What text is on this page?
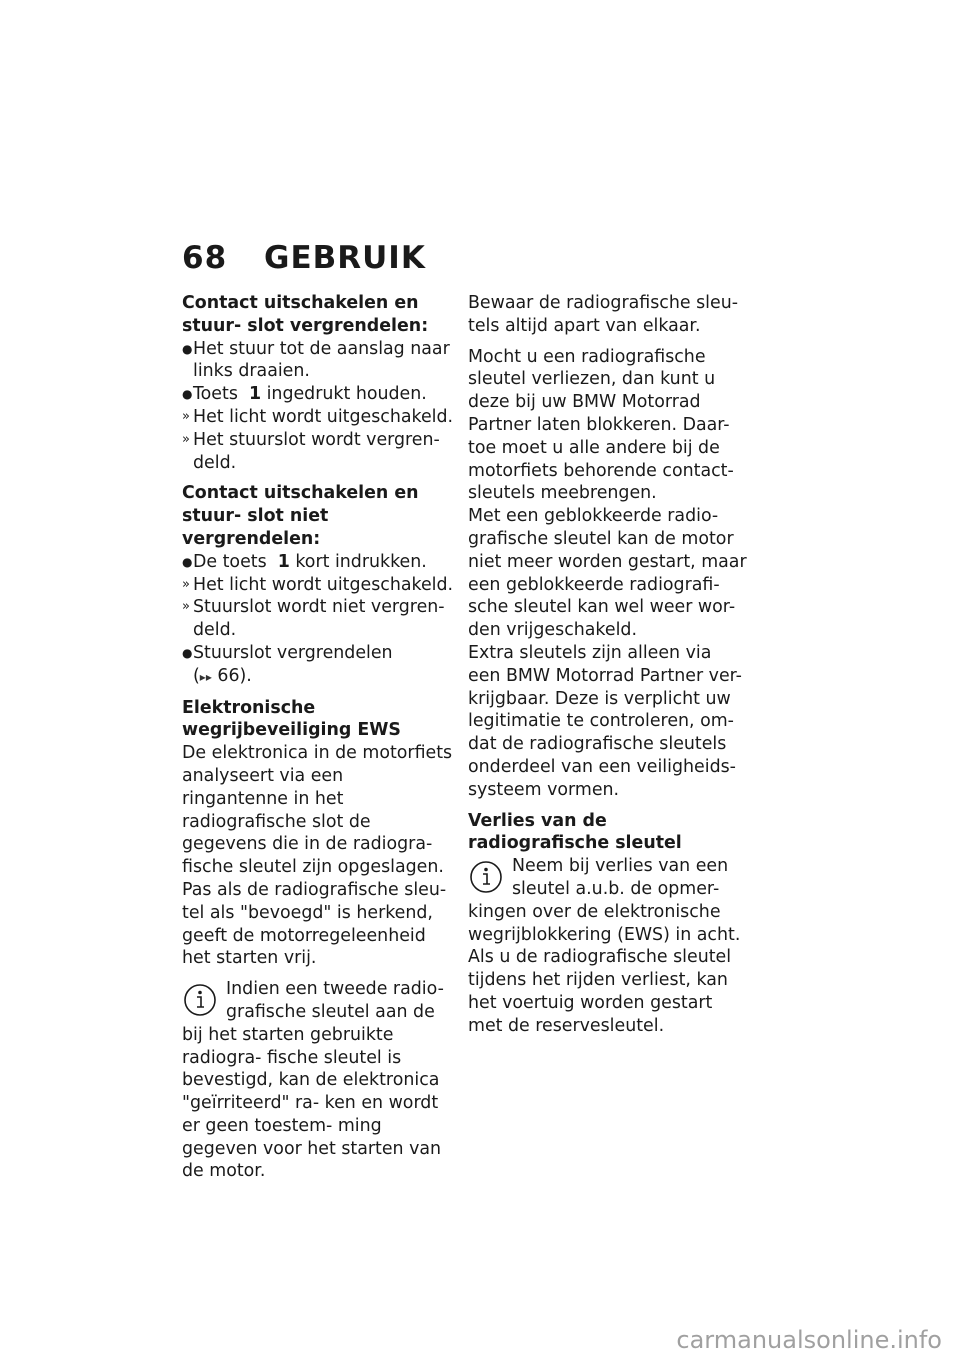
68 GEBRUIK

Contact uitschakelen en stuur- slot vergrendelen:

● Het stuur tot de aanslag naar links draaien.
● Toets 1 ingedrukt houden.
» Het licht wordt uitgeschakeld.
» Het stuurslot wordt vergren- deld.

Contact uitschakelen en stuur- slot niet vergrendelen:

● De toets 1 kort indrukken.
» Het licht wordt uitgeschakeld.
» Stuurslot wordt niet vergren- deld.
● Stuurslot vergrendelen
(▸▸ 66).

Elektronische wegrijbeveiliging EWS

De elektronica in de motorfiets analyseert via een ringantenne in het radiografische slot de gegevens die in de radiogra- fische sleutel zijn opgeslagen. Pas als de radiografische sleu- tel als "bevoegd" is herkend, geeft de motorregeleenheid het starten vrij.

Indien een tweede radio- grafische sleutel aan de bij het starten gebruikte radiogra- fische sleutel is bevestigd, kan de elektronica "geïrriteerd" ra- ken en wordt er geen toestem- ming gegeven voor het starten van de motor.

Bewaar de radiografische sleu- tels altijd apart van elkaar.

Mocht u een radiografische sleutel verliezen, dan kunt u deze bij uw BMW Motorrad Partner laten blokkeren. Daar- toe moet u alle andere bij de motorfiets behorende contact- sleutels meebrengen.

Met een geblokkeerde radio- grafische sleutel kan de motor niet meer worden gestart, maar een geblokkeerde radiografi- sche sleutel kan wel weer wor- den vrijgeschakeld.

Extra sleutels zijn alleen via een BMW Motorrad Partner ver- krijgbaar. Deze is verplicht uw legitimatie te controleren, om- dat de radiografische sleutels onderdeel van een veiligheids- systeem vormen.

Verlies van de radiografische sleutel

Neem bij verlies van een sleutel a.u.b. de opmer- kingen over de elektronische wegrijblokkering (EWS) in acht.

Als u de radiografische sleutel tijdens het rijden verliest, kan het voertuig worden gestart met de reservesleutel.

carmanualsonline.info
